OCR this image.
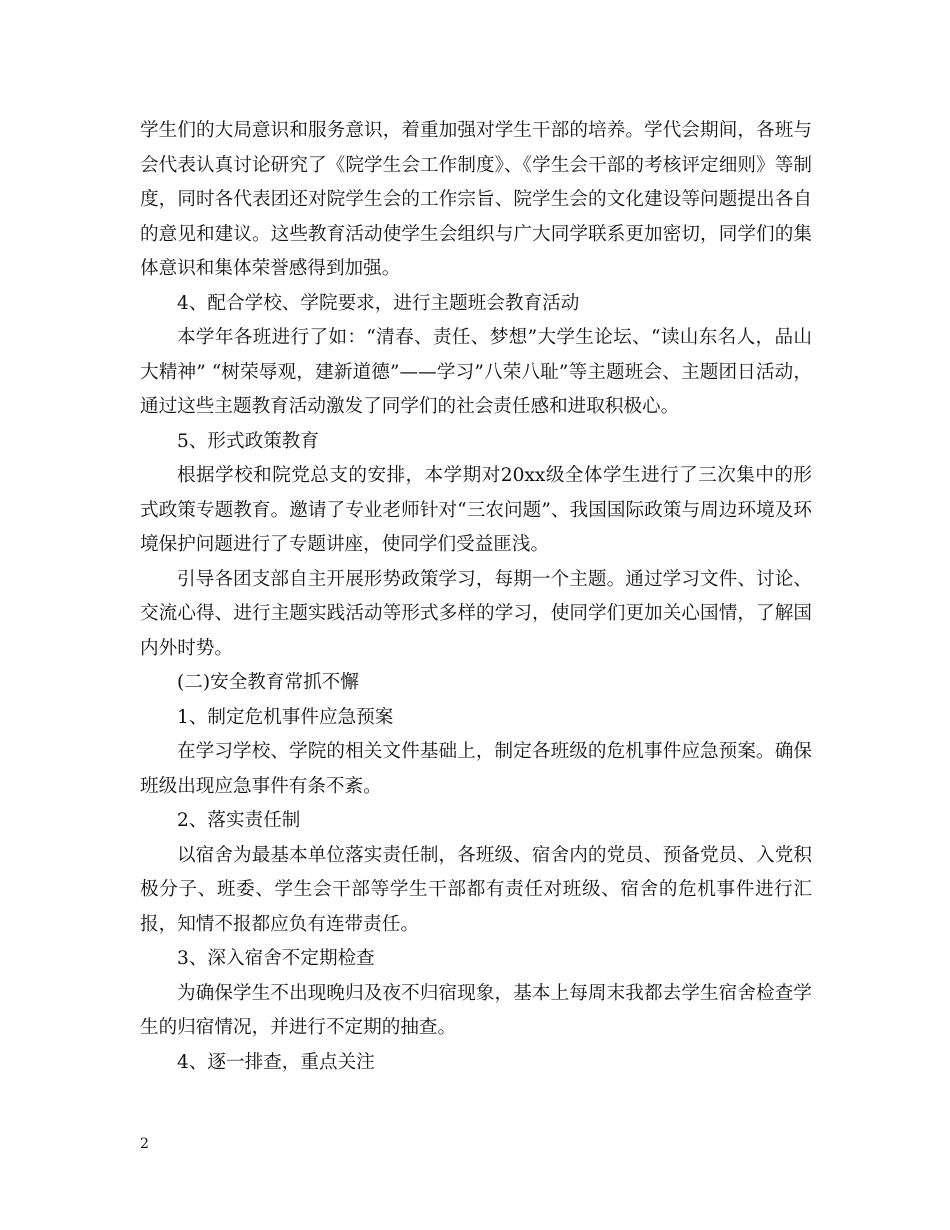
学生们的大局意识和服务意识，着重加强对学生干部的培养。学代会期间，各班与会代表认真讨论研究了《院学生会工作制度》、《学生会干部的考核评定细则》等制度，同时各代表团还对院学生会的工作宗旨、院学生会的文化建设等问题提出各自的意见和建议。这些教育活动使学生会组织与广大同学联系更加密切，同学们的集体意识和集体荣誉感得到加强。

4、配合学校、学院要求，进行主题班会教育活动

本学年各班进行了如：“清春、责任、梦想”大学生论坛、“读山东名人，品山大精神” “树荣辱观，建新道德”——学习”八荣八耻”等主题班会、主题团日活动，通过这些主题教育活动激发了同学们的社会责任感和进取积极心。

5、形式政策教育

根据学校和院党总支的安排，本学期对20xx级全体学生进行了三次集中的形式政策专题教育。邀请了专业老师针对“三农问题”、我国国际政策与周边环境及环境保护问题进行了专题讲座，使同学们受益匪浅。

引导各团支部自主开展形势政策学习，每期一个主题。通过学习文件、讨论、交流心得、进行主题实践活动等形式多样的学习，使同学们更加关心国情，了解国内外时势。

(二)安全教育常抓不懈

1、制定危机事件应急预案

在学习学校、学院的相关文件基础上，制定各班级的危机事件应急预案。确保班级出现应急事件有条不紊。

2、落实责任制

以宿舍为最基本单位落实责任制，各班级、宿舍内的党员、预备党员、入党积极分子、班委、学生会干部等学生干部都有责任对班级、宿舍的危机事件进行汇报，知情不报都应负有连带责任。

3、深入宿舍不定期检查

为确保学生不出现晚归及夜不归宿现象，基本上每周末我都去学生宿舍检查学生的归宿情况，并进行不定期的抽查。

4、逐一排查，重点关注

2
